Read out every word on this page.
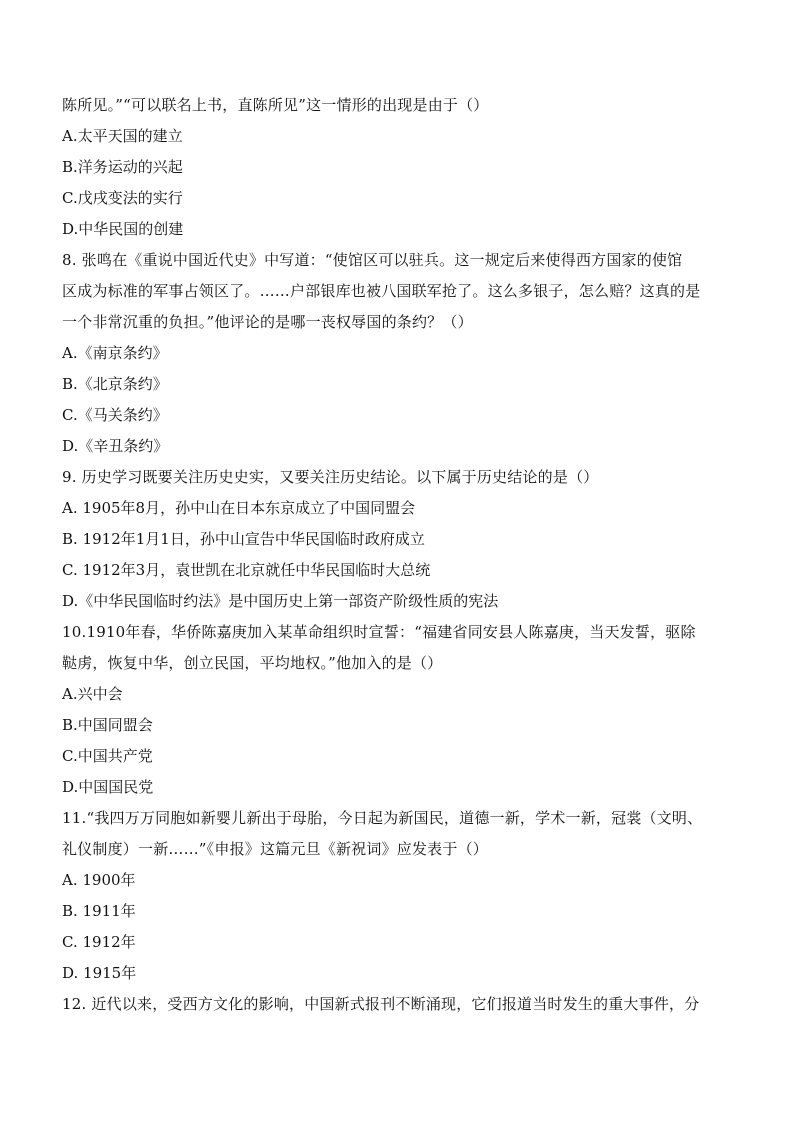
陈所见。”“可以联名上书，直陈所见”这一情形的出现是由于（）
A.太平天国的建立
B.洋务运动的兴起
C.戊戌变法的实行
D.中华民国的创建
8. 张鸣在《重说中国近代史》中写道：“使馆区可以驻兵。这一规定后来使得西方国家的使馆
区成为标准的军事占领区了。……户部银库也被八国联军抢了。这么多银子，怎么赔？这真的是
一个非常沉重的负担。”他评论的是哪一丧权辱国的条约？（）
A.《南京条约》
B.《北京条约》
C.《马关条约》
D.《辛丑条约》
9. 历史学习既要关注历史史实，又要关注历史结论。以下属于历史结论的是（）
A. 1905年8月，孙中山在日本东京成立了中国同盟会
B. 1912年1月1日，孙中山宣告中华民国临时政府成立
C. 1912年3月，袁世凯在北京就任中华民国临时大总统
D.《中华民国临时约法》是中国历史上第一部资产阶级性质的宪法
10.1910年春，华侨陈嘉庚加入某革命组织时宣誓：“福建省同安县人陈嘉庚，当天发誓，驱除
鞑虏，恢复中华，创立民国，平均地权。”他加入的是（）
A.兴中会
B.中国同盟会
C.中国共产党
D.中国国民党
11.“我四万万同胞如新婴儿新出于母胎，今日起为新国民，道德一新，学术一新，冠裳（文明、
礼仪制度）一新……”《申报》这篇元旦《新祝词》应发表于（）
A. 1900年
B. 1911年
C. 1912年
D. 1915年
12. 近代以来，受西方文化的影响，中国新式报刊不断涌现，它们报道当时发生的重大事件，分
